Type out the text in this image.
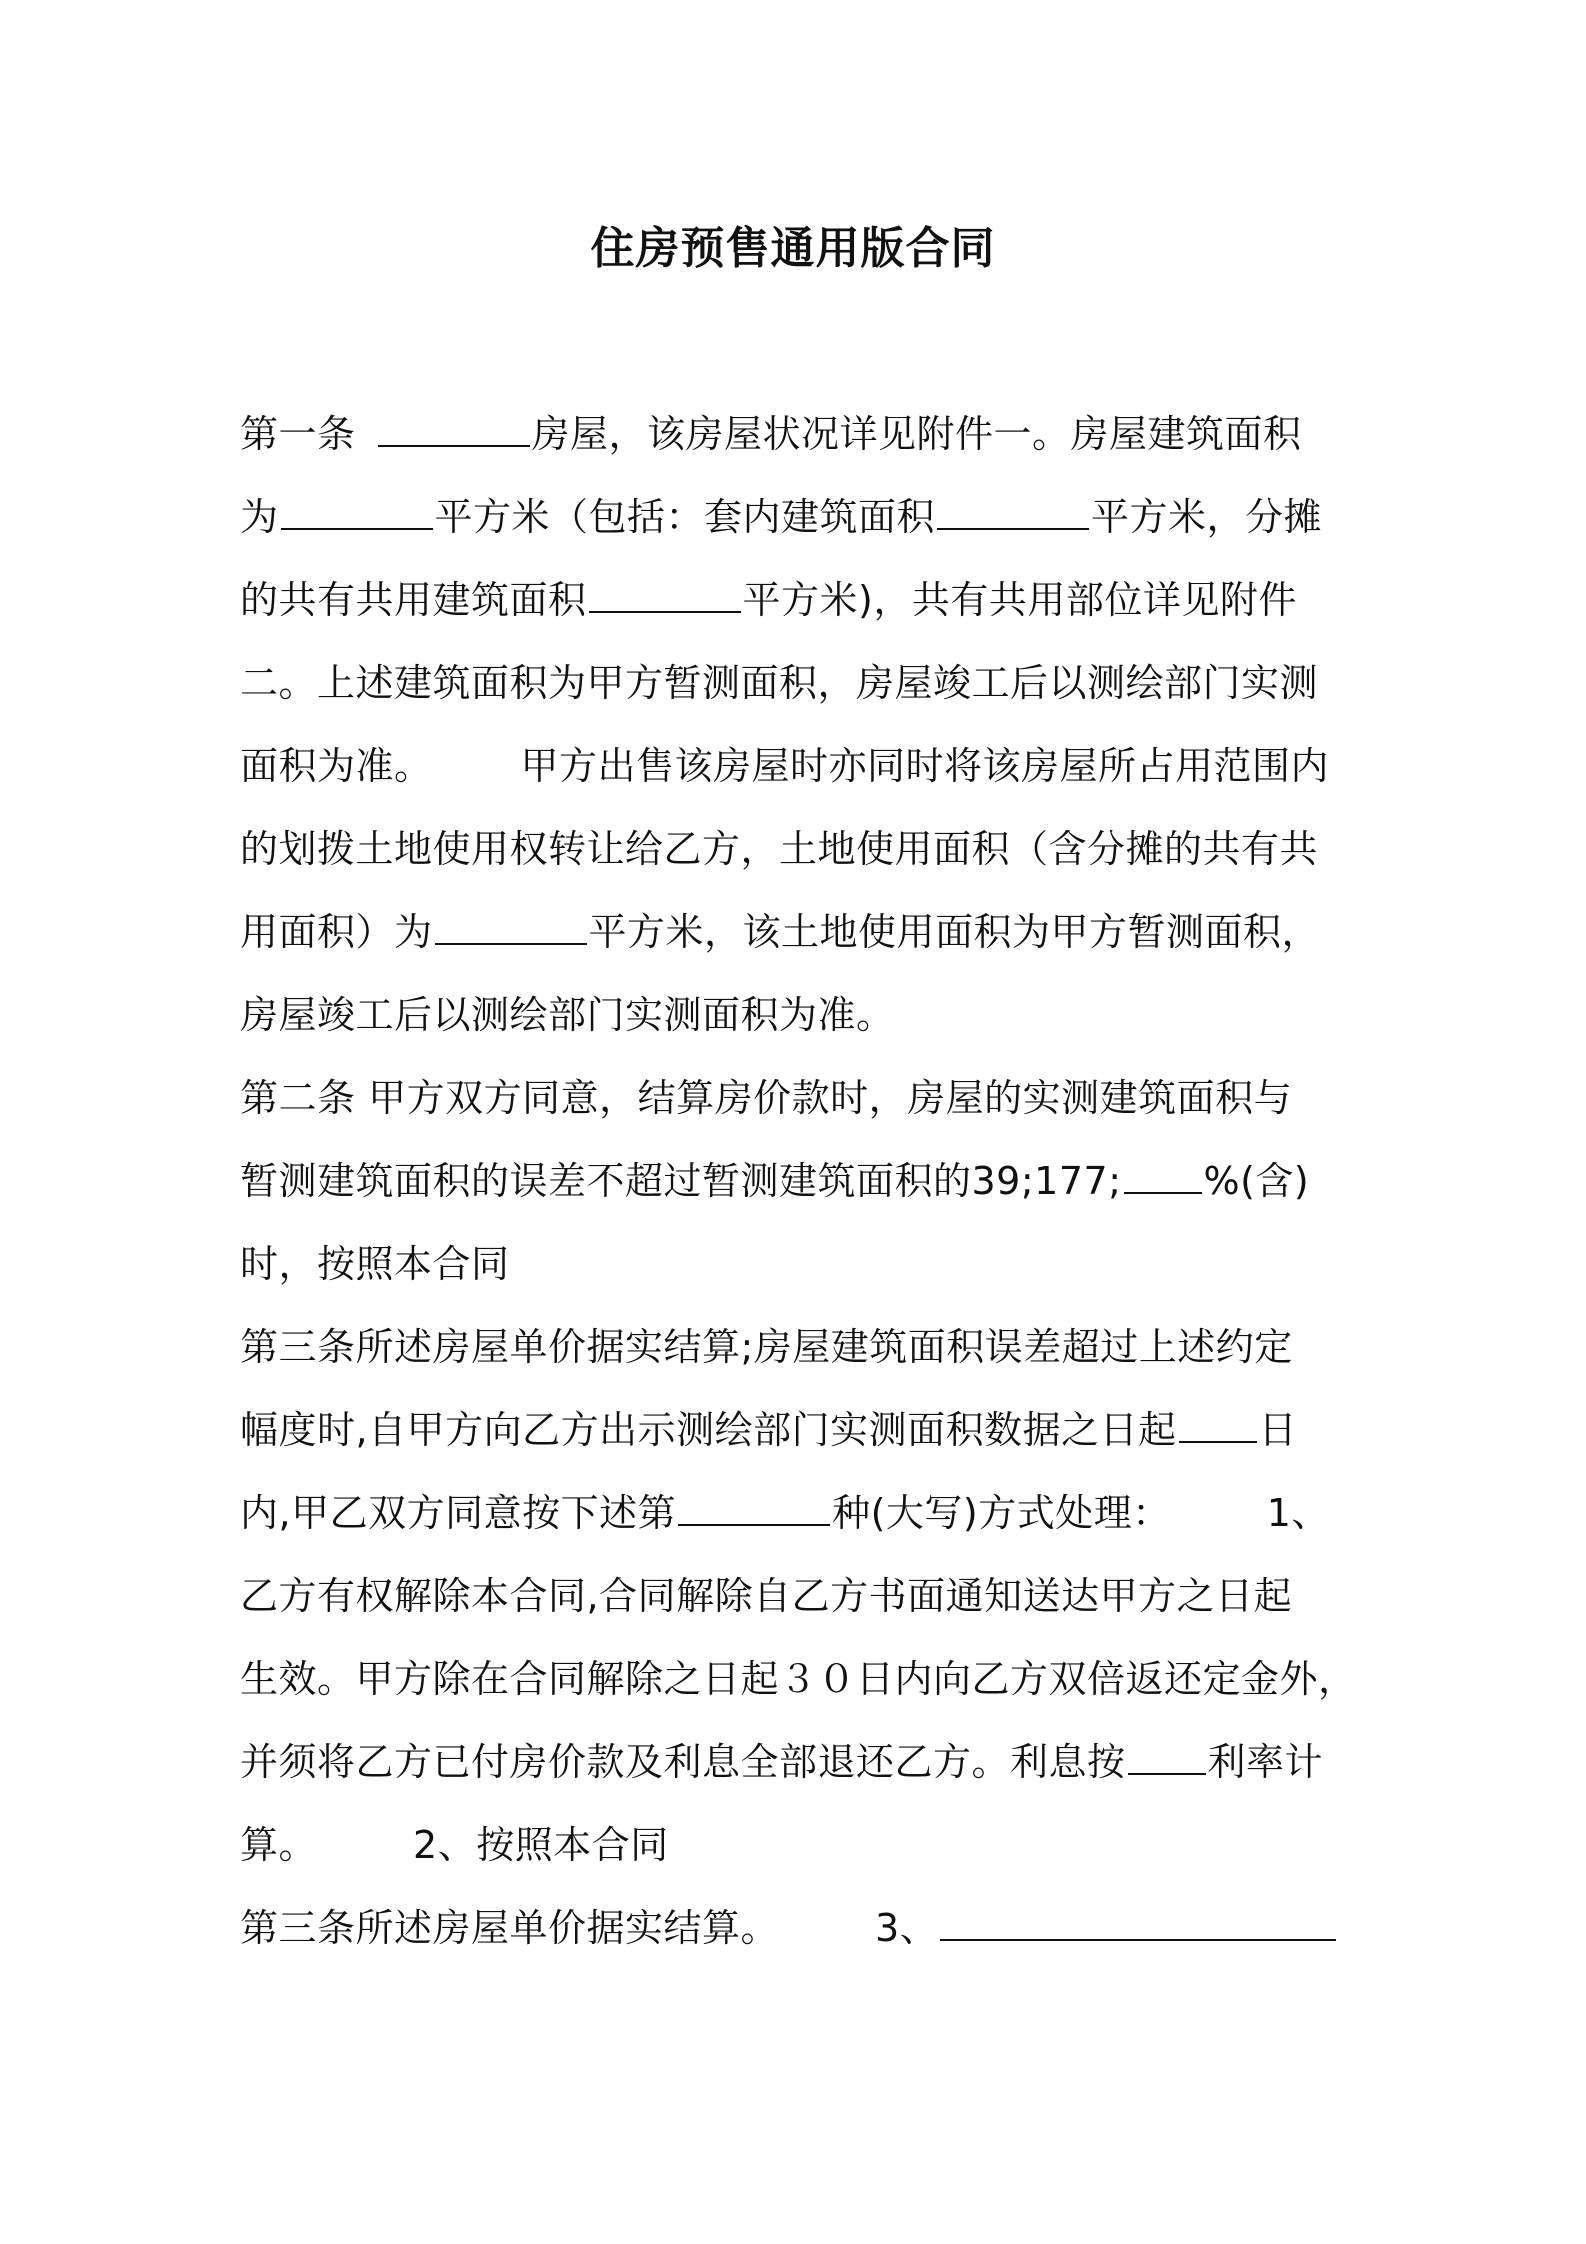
住房预售通用版合同
第一条	房屋，该房屋状况详见附件一。房屋建筑面积
为	平方米（包括：套内建筑面积	平方米，分摊
的共有共用建筑面积	平方米)，共有共用部位详见附件
二。上述建筑面积为甲方暂测面积，房屋竣工后以测绘部门实测
面积为准。 甲方出售该房屋时亦同时将该房屋所占用范围内
的划拨土地使用权转让给乙方，土地使用面积（含分摊的共有共
用面积）为	平方米，该土地使用面积为甲方暂测面积，
房屋竣工后以测绘部门实测面积为准。
第二条 甲方双方同意，结算房价款时，房屋的实测建筑面积与
暂测建筑面积的误差不超过暂测建筑面积的39;177; %(含)
时，按照本合同
第三条所述房屋单价据实结算;房屋建筑面积误差超过上述约定
幅度时,自甲方向乙方出示测绘部门实测面积数据之日起 日
内,甲乙双方同意按下述第	种(大写)方式处理：	1、
乙方有权解除本合同,合同解除自乙方书面通知送达甲方之日起
生效。甲方除在合同解除之日起３０日内向乙方双倍返还定金外，
并须将乙方已付房价款及利息全部退还乙方。利息按 利率计
算。	2、按照本合同
第三条所述房屋单价据实结算。	3、
